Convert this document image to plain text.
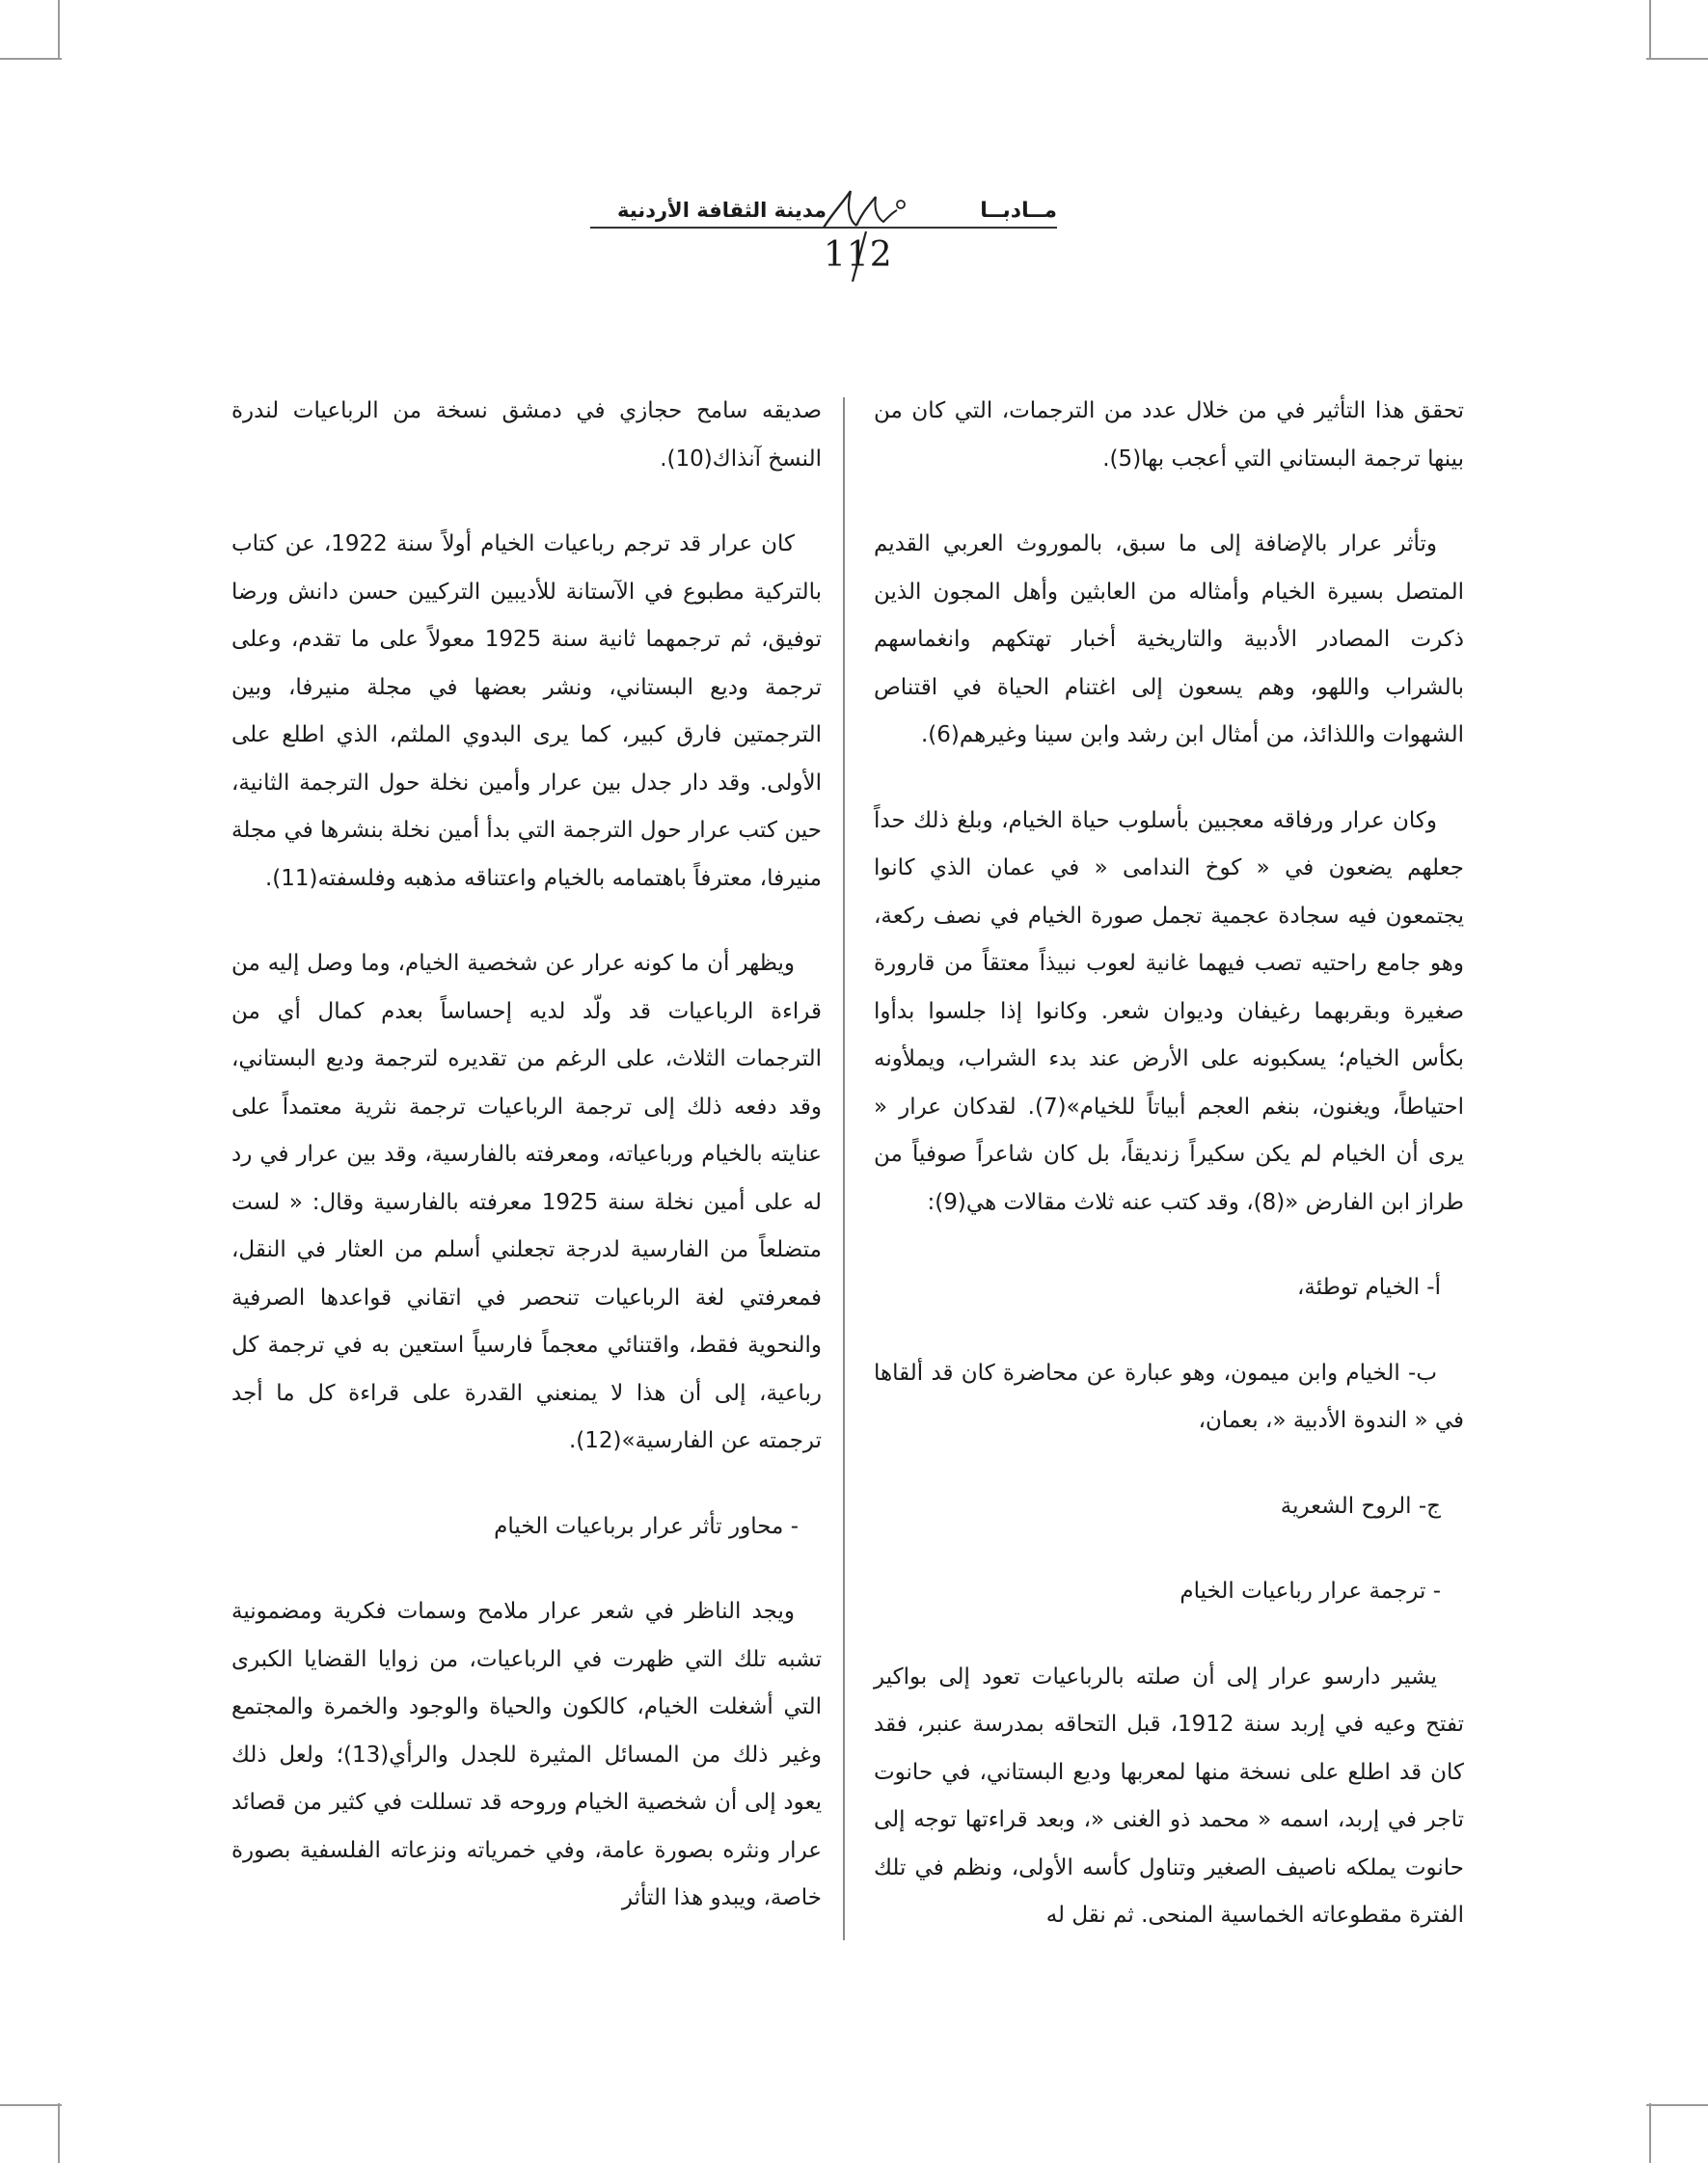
مــادبــا
مدينة الثقافة الأردنية
112

تحقق هذا التأثير في من خلال عدد من الترجمات، التي كان من بينها ترجمة البستاني التي أعجب بها(5).

وتأثر عرار بالإضافة إلى ما سبق، بالموروث العربي القديم المتصل بسيرة الخيام وأمثاله من العابثين وأهل المجون الذين ذكرت المصادر الأدبية والتاريخية أخبار تهتكهم وانغماسهم بالشراب واللهو، وهم يسعون إلى اغتنام الحياة في اقتناص الشهوات واللذائذ، من أمثال ابن رشد وابن سينا وغيرهم(6).

وكان عرار ورفاقه معجبين بأسلوب حياة الخيام، وبلغ ذلك حداً جعلهم يضعون في « كوخ الندامى « في عمان الذي كانوا يجتمعون فيه سجادة عجمية تجمل صورة الخيام في نصف ركعة، وهو جامع راحتيه تصب فيهما غانية لعوب نبيذاً معتقاً من قارورة صغيرة وبقربهما رغيفان وديوان شعر. وكانوا إذا جلسوا بدأوا بكأس الخيام؛ يسكبونه على الأرض عند بدء الشراب، ويملأونه احتياطاً، ويغنون، بنغم العجم أبياتاً للخيام»(7). لقدكان عرار « يرى أن الخيام لم يكن سكيراً زنديقاً، بل كان شاعراً صوفياً من طراز ابن الفارض «(8)، وقد كتب عنه ثلاث مقالات هي(9):

أ- الخيام توطئة،

ب- الخيام وابن ميمون، وهو عبارة عن محاضرة كان قد ألقاها في « الندوة الأدبية «، بعمان،

ج- الروح الشعرية

- ترجمة عرار رباعيات الخيام

يشير دارسو عرار إلى أن صلته بالرباعيات تعود إلى بواكير تفتح وعيه في إربد سنة 1912، قبل التحاقه بمدرسة عنبر، فقد كان قد اطلع على نسخة منها لمعربها وديع البستاني، في حانوت تاجر في إربد، اسمه « محمد ذو الغنى «، وبعد قراءتها توجه إلى حانوت يملكه ناصيف الصغير وتناول كأسه الأولى، ونظم في تلك الفترة مقطوعاته الخماسية المنحى. ثم نقل له

صديقه سامح حجازي في دمشق نسخة من الرباعيات لندرة النسخ آنذاك(10).

كان عرار قد ترجم رباعيات الخيام أولاً سنة 1922، عن كتاب بالتركية مطبوع في الآستانة للأديبين التركيين حسن دانش ورضا توفيق، ثم ترجمهما ثانية سنة 1925 معولاً على ما تقدم، وعلى ترجمة وديع البستاني، ونشر بعضها في مجلة منيرفا، وبين الترجمتين فارق كبير، كما يرى البدوي الملثم، الذي اطلع على الأولى. وقد دار جدل بين عرار وأمين نخلة حول الترجمة الثانية، حين كتب عرار حول الترجمة التي بدأ أمين نخلة بنشرها في مجلة منيرفا، معترفاً باهتمامه بالخيام واعتناقه مذهبه وفلسفته(11).

ويظهر أن ما كونه عرار عن شخصية الخيام، وما وصل إليه من قراءة الرباعيات قد ولّد لديه إحساساً بعدم كمال أي من الترجمات الثلاث، على الرغم من تقديره لترجمة وديع البستاني، وقد دفعه ذلك إلى ترجمة الرباعيات ترجمة نثرية معتمداً على عنايته بالخيام ورباعياته، ومعرفته بالفارسية، وقد بين عرار في رد له على أمين نخلة سنة 1925 معرفته بالفارسية وقال: « لست متضلعاً من الفارسية لدرجة تجعلني أسلم من العثار في النقل، فمعرفتي لغة الرباعيات تنحصر في اتقاني قواعدها الصرفية والنحوية فقط، واقتنائي معجماً فارسياً استعين به في ترجمة كل رباعية، إلى أن هذا لا يمنعني القدرة على قراءة كل ما أجد ترجمته عن الفارسية»(12).

- محاور تأثر عرار برباعيات الخيام

ويجد الناظر في شعر عرار ملامح وسمات فكرية ومضمونية تشبه تلك التي ظهرت في الرباعيات، من زوايا القضايا الكبرى التي أشغلت الخيام، كالكون والحياة والوجود والخمرة والمجتمع وغير ذلك من المسائل المثيرة للجدل والرأي(13)؛ ولعل ذلك يعود إلى أن شخصية الخيام وروحه قد تسللت في كثير من قصائد عرار ونثره بصورة عامة، وفي خمرياته ونزعاته الفلسفية بصورة خاصة، ويبدو هذا التأثر
